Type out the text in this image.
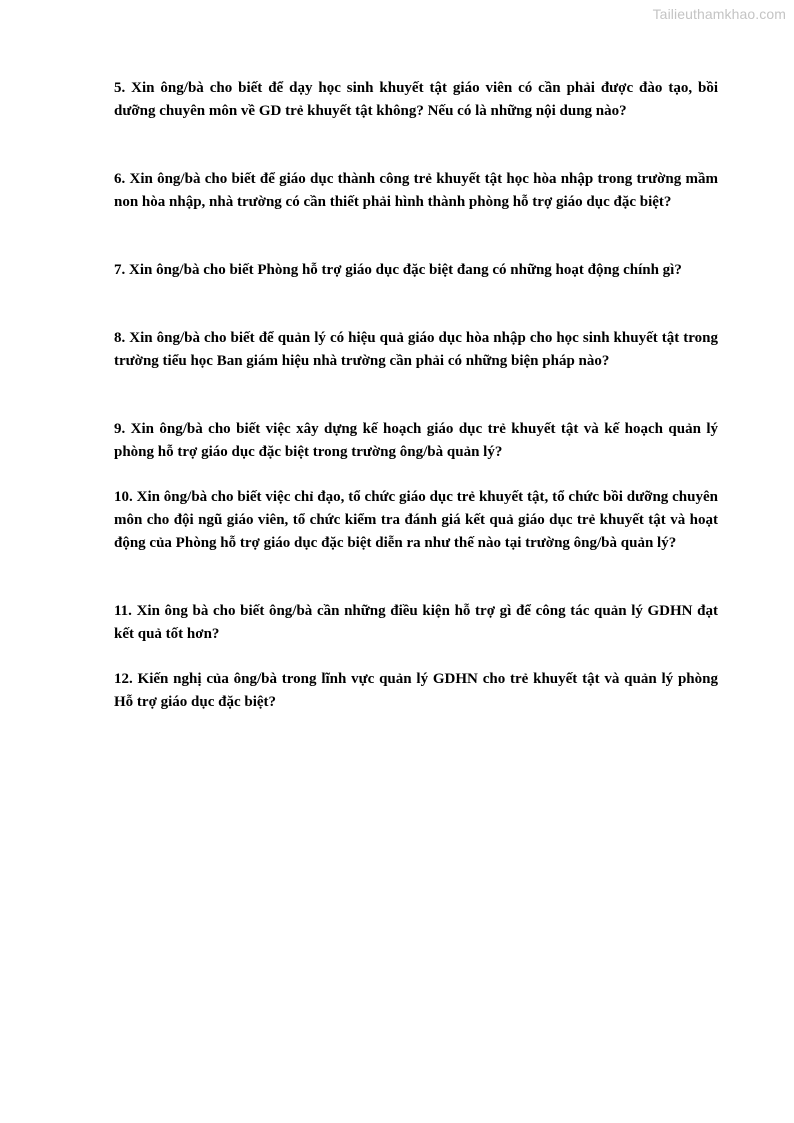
Tailieuthamkhao.com

5. Xin ông/bà cho biết để dạy học sinh khuyết tật giáo viên có cần phải được đào tạo, bồi dưỡng chuyên môn về GD trẻ khuyết tật không? Nếu có là những nội dung nào?

6. Xin ông/bà cho biết để giáo dục thành công trẻ khuyết tật học hòa nhập trong trường mầm non hòa nhập, nhà trường có cần thiết phải hình thành phòng hỗ trợ giáo dục đặc biệt?

7. Xin ông/bà cho biết Phòng hỗ trợ giáo dục đặc biệt đang có những hoạt động chính gì?

8. Xin ông/bà cho biết để quản lý có hiệu quả giáo dục hòa nhập cho học sinh khuyết tật trong trường tiểu học Ban giám hiệu nhà trường cần phải có những biện pháp nào?

9. Xin ông/bà cho biết việc xây dựng kế hoạch giáo dục trẻ khuyết tật và kế hoạch quản lý phòng hỗ trợ giáo dục đặc biệt trong trường ông/bà quản lý?

10. Xin ông/bà cho biết việc chỉ đạo, tổ chức giáo dục trẻ khuyết tật, tổ chức bồi dưỡng chuyên môn cho đội ngũ giáo viên, tổ chức kiểm tra đánh giá kết quả giáo dục trẻ khuyết tật và hoạt động của Phòng hỗ trợ giáo dục đặc biệt diễn ra như thế nào tại trường ông/bà quản lý?

11. Xin ông bà cho biết ông/bà cần những điều kiện hỗ trợ gì để công tác quản lý GDHN đạt kết quả tốt hơn?

12. Kiến nghị của ông/bà trong lĩnh vực quản lý GDHN cho trẻ khuyết tật và quản lý phòng Hỗ trợ giáo dục đặc biệt?
